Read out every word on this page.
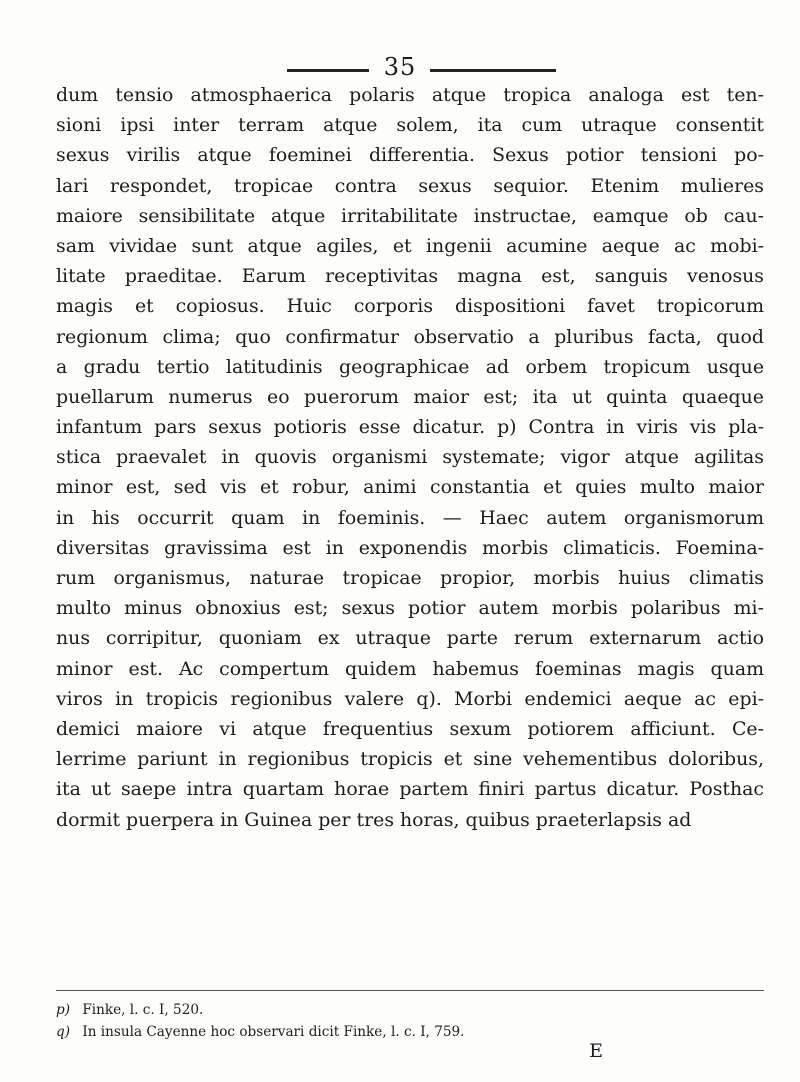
35
dum tensio atmosphaerica polaris atque tropica analoga est ten-
sioni ipsi inter terram atque solem, ita cum utraque consentit
sexus virilis atque foeminei differentia. Sexus potior tensioni po-
lari respondet, tropicae contra sexus sequior. Etenim mulieres
maiore sensibilitate atque irritabilitate instructae, eamque ob cau-
sam vividae sunt atque agiles, et ingenii acumine aeque ac mobi-
litate praeditae. Earum receptivitas magna est, sanguis venosus
magis et copiosus. Huic corporis dispositioni favet tropicorum
regionum clima; quo confirmatur observatio a pluribus facta, quod
a gradu tertio latitudinis geographicae ad orbem tropicum usque
puellarum numerus eo puerorum maior est; ita ut quinta quaeque
infantum pars sexus potioris esse dicatur. p) Contra in viris vis pla-
stica praevalet in quovis organismi systemate; vigor atque agilitas
minor est, sed vis et robur, animi constantia et quies multo maior
in his occurrit quam in foeminis. — Haec autem organismorum
diversitas gravissima est in exponendis morbis climaticis. Foemina-
rum organismus, naturae tropicae propior, morbis huius climatis
multo minus obnoxius est; sexus potior autem morbis polaribus mi-
nus corripitur, quoniam ex utraque parte rerum externarum actio
minor est. Ac compertum quidem habemus foeminas magis quam
viros in tropicis regionibus valere q). Morbi endemici aeque ac epi-
demici maiore vi atque frequentius sexum potiorem afficiunt. Ce-
lerrime pariunt in regionibus tropicis et sine vehementibus doloribus,
ita ut saepe intra quartam horae partem finiri partus dicatur. Posthac
dormit puerpera in Guinea per tres horas, quibus praeterlapsis ad
p) Finke, l. c. I, 520.
q) In insula Cayenne hoc observari dicit Finke, l. c. I, 759.
E
